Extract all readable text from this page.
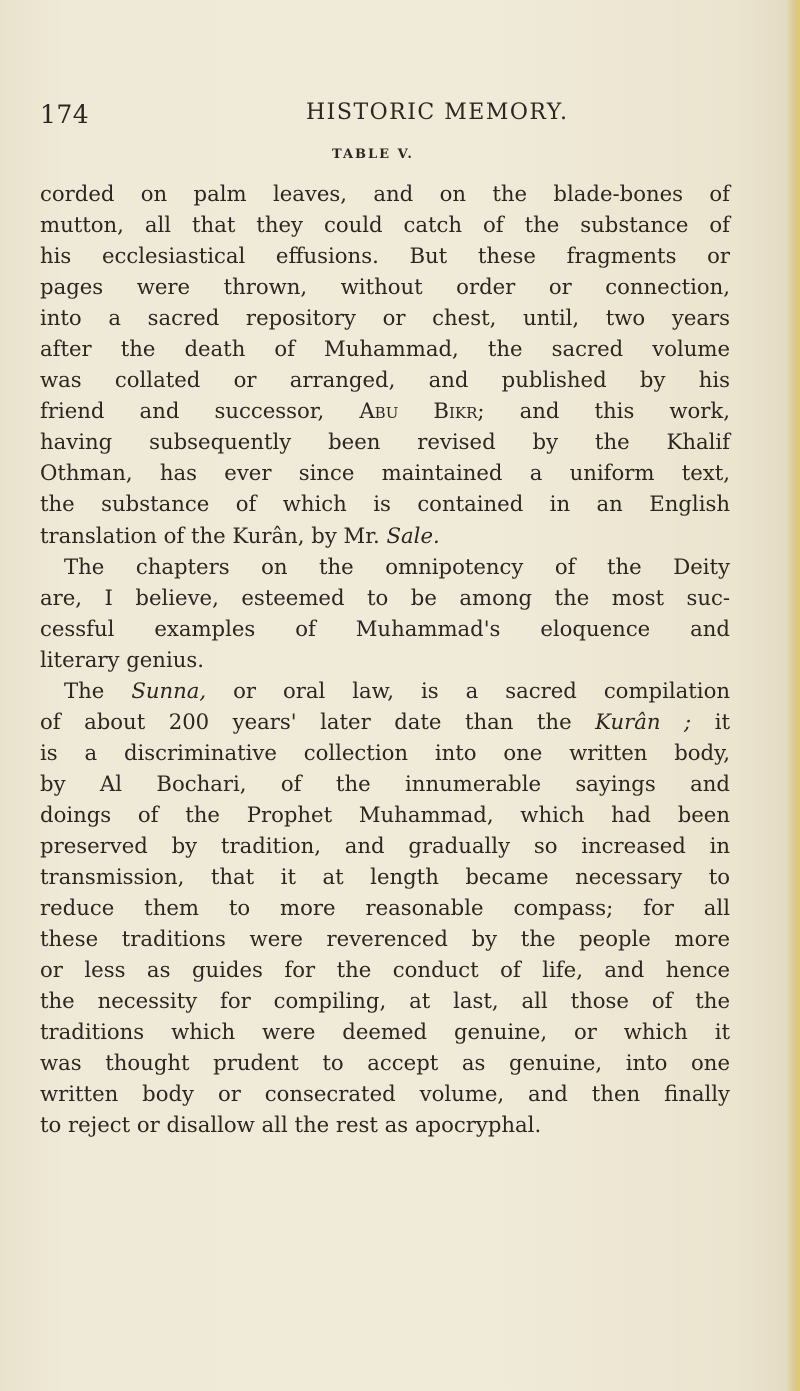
174	HISTORIC MEMORY.
TABLE V.
corded on palm leaves, and on the blade-bones of
mutton, all that they could catch of the substance of
his ecclesiastical effusions. But these fragments or
pages were thrown, without order or connection,
into a sacred repository or chest, until, two years
after the death of Muhammad, the sacred volume
was collated or arranged, and published by his
friend and successor, Abu Bikr; and this work,
having subsequently been revised by the Khalif
Othman, has ever since maintained a uniform text,
the substance of which is contained in an English
translation of the Kurân, by Mr. Sale.
The chapters on the omnipotency of the Deity
are, I believe, esteemed to be among the most suc-
cessful examples of Muhammad's eloquence and
literary genius.
The Sunna, or oral law, is a sacred compilation
of about 200 years' later date than the Kurân ; it
is a discriminative collection into one written body,
by Al Bochari, of the innumerable sayings and
doings of the Prophet Muhammad, which had been
preserved by tradition, and gradually so increased in
transmission, that it at length became necessary to
reduce them to more reasonable compass; for all
these traditions were reverenced by the people more
or less as guides for the conduct of life, and hence
the necessity for compiling, at last, all those of the
traditions which were deemed genuine, or which it
was thought prudent to accept as genuine, into one
written body or consecrated volume, and then finally
to reject or disallow all the rest as apocryphal.
